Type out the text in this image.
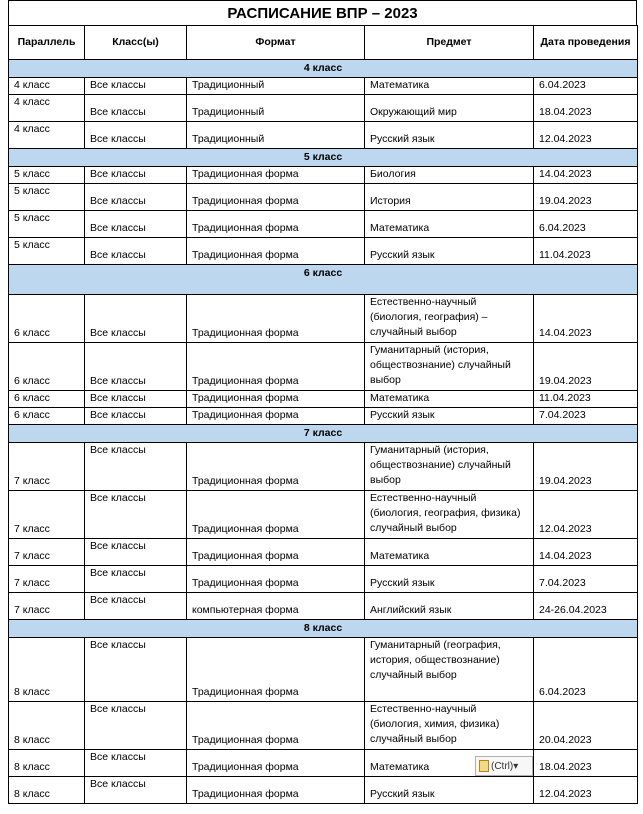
РАСПИСАНИЕ ВПР – 2023
Параллель	Класс(ы)	Формат	Предмет	Дата проведения
4 класс				
4 класс	Все классы	Традиционный	Математика	6.04.2023
4 класс	Все классы	Традиционный	Окружающий мир	18.04.2023
4 класс	Все классы	Традиционный	Русский язык	12.04.2023
5 класс				
5 класс	Все классы	Традиционная форма	Биология	14.04.2023
5 класс	Все классы	Традиционная форма	История	19.04.2023
5 класс	Все классы	Традиционная форма	Математика	6.04.2023
5 класс	Все классы	Традиционная форма	Русский язык	11.04.2023
6 класс				
6 класс	Все классы	Традиционная форма	Естественно-научный (биология, география) – случайный выбор	14.04.2023
6 класс	Все классы	Традиционная форма	Гуманитарный (история, обществознание) случайный выбор	19.04.2023
6 класс	Все классы	Традиционная форма	Математика	11.04.2023
6 класс	Все классы	Традиционная форма	Русский язык	7.04.2023
7 класс				
7 класс	Все классы	Традиционная форма	Гуманитарный (история, обществознание) случайный выбор	19.04.2023
7 класс	Все классы	Традиционная форма	Естественно-научный (биология, география, физика) случайный выбор	12.04.2023
7 класс	Все классы	Традиционная форма	Математика	14.04.2023
7 класс	Все классы	Традиционная форма	Русский язык	7.04.2023
7 класс	Все классы	компьютерная форма	Английский язык	24-26.04.2023
8 класс				
8 класс	Все классы	Традиционная форма	Гуманитарный (география, история, обществознание) случайный выбор	6.04.2023
8 класс	Все классы	Традиционная форма	Естественно-научный (биология, химия, физика) случайный выбор	20.04.2023
8 класс	Все классы	Традиционная форма	Математика	18.04.2023
8 класс	Все классы	Традиционная форма	Русский язык	12.04.2023
(Ctrl)▾
